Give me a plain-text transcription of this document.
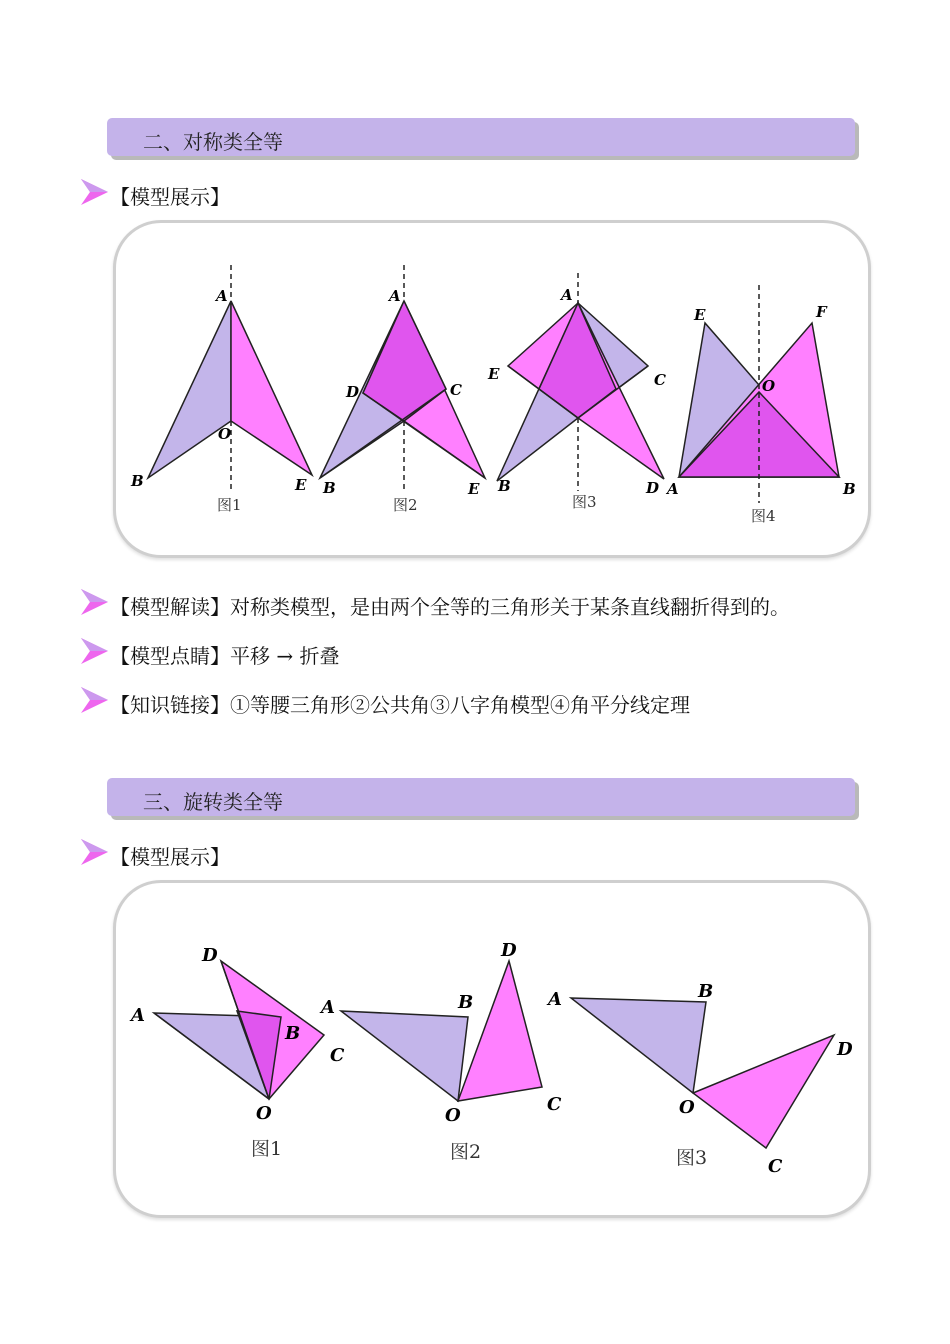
二、对称类全等
【模型展示】
A
O
B	E
图1
A
D	C
B	E
图2
A
E	C
B	D
图3
E	F
O
A	B
图4
【模型解读】对称类模型，是由两个全等的三角形关于某条直线翻折得到的。
【模型点睛】平移 → 折叠
【知识链接】①等腰三角形②公共角③八字角模型④角平分线定理
三、旋转类全等
【模型展示】
D
A
B
C
O
图1
D
A	B
C
O
图2
A	B
D
O
C
图3
